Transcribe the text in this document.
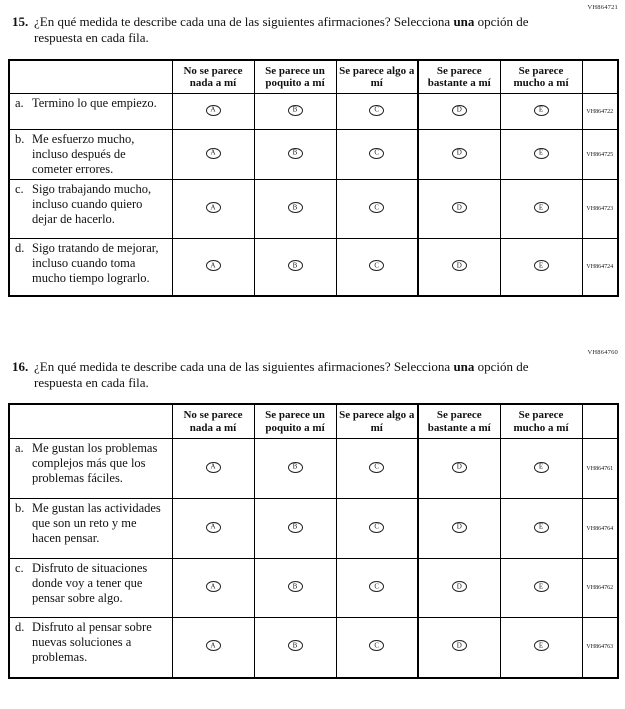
VH864721
15. ¿En qué medida te describe cada una de las siguientes afirmaciones? Selecciona una opción de respuesta en cada fila.

	No se parece nada a mí	Se parece un poquito a mí	Se parece algo a mí	Se parece bastante a mí	Se parece mucho a mí	

a. Termino lo que empiezo.	A	B	C	D	E	VH864722

b. Me esfuerzo mucho, incluso después de cometer errores.	A	B	C	D	E	VH864725

c. Sigo trabajando mucho, incluso cuando quiero dejar de hacerlo.	A	B	C	D	E	VH864723

d. Sigo tratando de mejorar, incluso cuando toma mucho tiempo lograrlo.	A	B	C	D	E	VH864724
VH864760
16. ¿En qué medida te describe cada una de las siguientes afirmaciones? Selecciona una opción de respuesta en cada fila.

	No se parece nada a mí	Se parece un poquito a mí	Se parece algo a mí	Se parece bastante a mí	Se parece mucho a mí	

a. Me gustan los problemas complejos más que los problemas fáciles.	A	B	C	D	E	VH864761

b. Me gustan las actividades que son un reto y me hacen pensar.	A	B	C	D	E	VH864764

c. Disfruto de situaciones donde voy a tener que pensar sobre algo.	A	B	C	D	E	VH864762

d. Disfruto al pensar sobre nuevas soluciones a problemas.	A	B	C	D	E	VH864763
